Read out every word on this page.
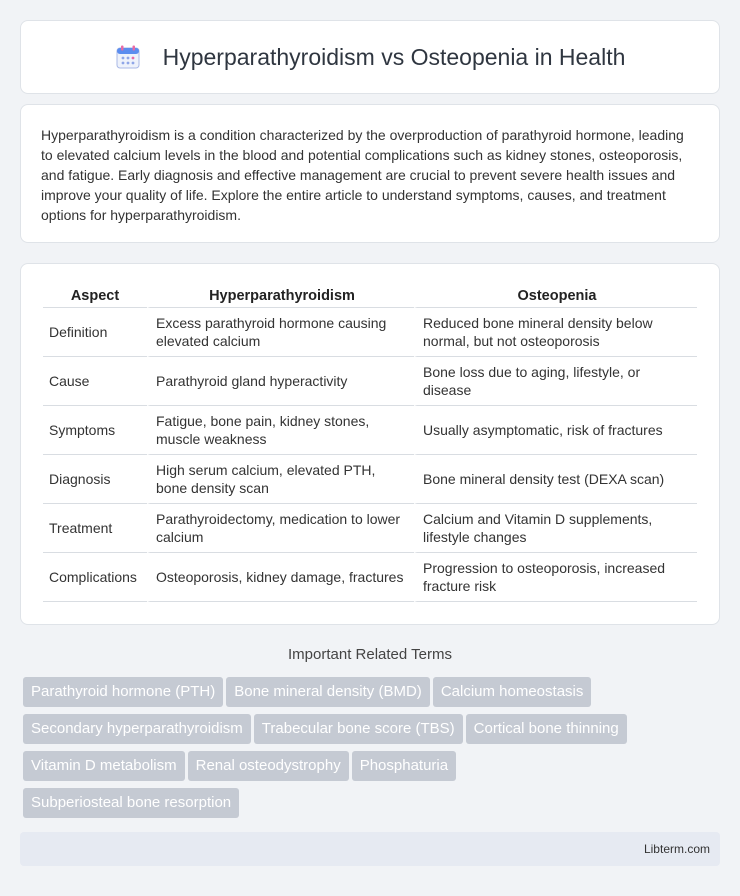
Hyperparathyroidism vs Osteopenia in Health

Hyperparathyroidism is a condition characterized by the overproduction of parathyroid hormone, leading to elevated calcium levels in the blood and potential complications such as kidney stones, osteoporosis, and fatigue. Early diagnosis and effective management are crucial to prevent severe health issues and improve your quality of life. Explore the entire article to understand symptoms, causes, and treatment options for hyperparathyroidism.

Aspect	Hyperparathyroidism	Osteopenia
Definition	Excess parathyroid hormone causing elevated calcium	Reduced bone mineral density below normal, but not osteoporosis
Cause	Parathyroid gland hyperactivity	Bone loss due to aging, lifestyle, or disease
Symptoms	Fatigue, bone pain, kidney stones, muscle weakness	Usually asymptomatic, risk of fractures
Diagnosis	High serum calcium, elevated PTH, bone density scan	Bone mineral density test (DEXA scan)
Treatment	Parathyroidectomy, medication to lower calcium	Calcium and Vitamin D supplements, lifestyle changes
Complications	Osteoporosis, kidney damage, fractures	Progression to osteoporosis, increased fracture risk
Important Related Terms
Parathyroid hormone (PTH) Bone mineral density (BMD) Calcium homeostasis
Secondary hyperparathyroidism Trabecular bone score (TBS) Cortical bone thinning
Vitamin D metabolism Renal osteodystrophy Phosphaturia
Subperiosteal bone resorption
Libterm.com
